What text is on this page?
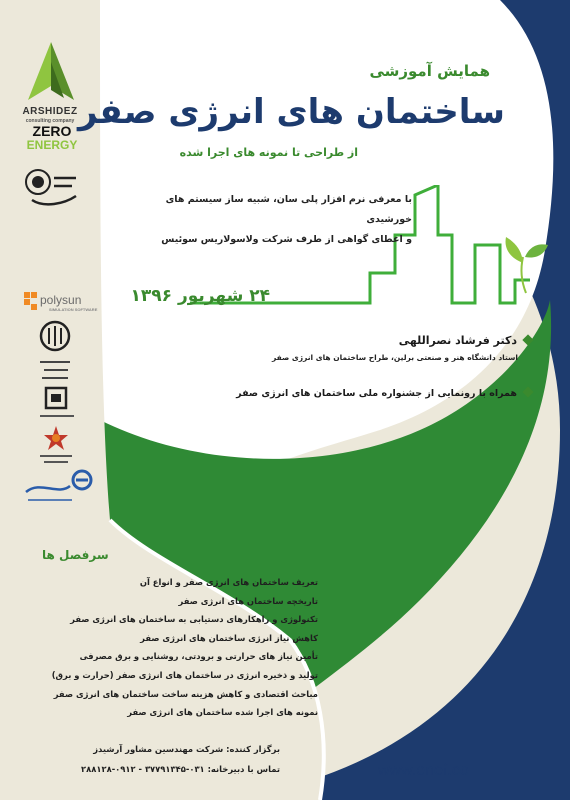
ARSHIDEZ
consulting company
ZERO
ENERGY
polysun
SIMULATION SOFTWARE
همایش آموزشی
ساختمان های انرژی صفر
از طراحی تا نمونه های اجرا شده
با معرفی نرم افزار پلی سان، شبیه ساز سیستم های خورشیدی
و اعطای گواهی از طرف شرکت ولاسولاریس سوئیس
۲۴ شهریور ۱۳۹۶
دکتر فرشاد نصراللهی
استاد دانشگاه هنر و صنعتی برلین، طراح ساختمان های انرژی صفر
همراه با رونمایی از جشنواره ملی ساختمان های انرژی صفر
سرفصل ها
تعریف ساختمان های انرژی صفر و انواع آن
تاریخچه ساختمان های انرژی صفر
تکنولوژی و راهکارهای دستیابی به ساختمان های انرژی صفر
کاهش نیاز انرژی ساختمان های انرژی صفر
تأمین نیاز های حرارتی و برودتی، روشنایی و برق مصرفی
تولید و ذخیره انرژی در ساختمان های انرژی صفر (حرارت و برق)
مباحث اقتصادی و کاهش هزینه ساخت ساختمان های انرژی صفر
نمونه های اجرا شده ساختمان های انرژی صفر
برگزار کننده: شرکت مهندسین مشاور آرشیدز
تماس با دبیرخانه: ۰۳۱-۳۷۷۹۱۳۴۵ - ۰۹۱۲-۲۸۸۱۲۸	www.enef.co
